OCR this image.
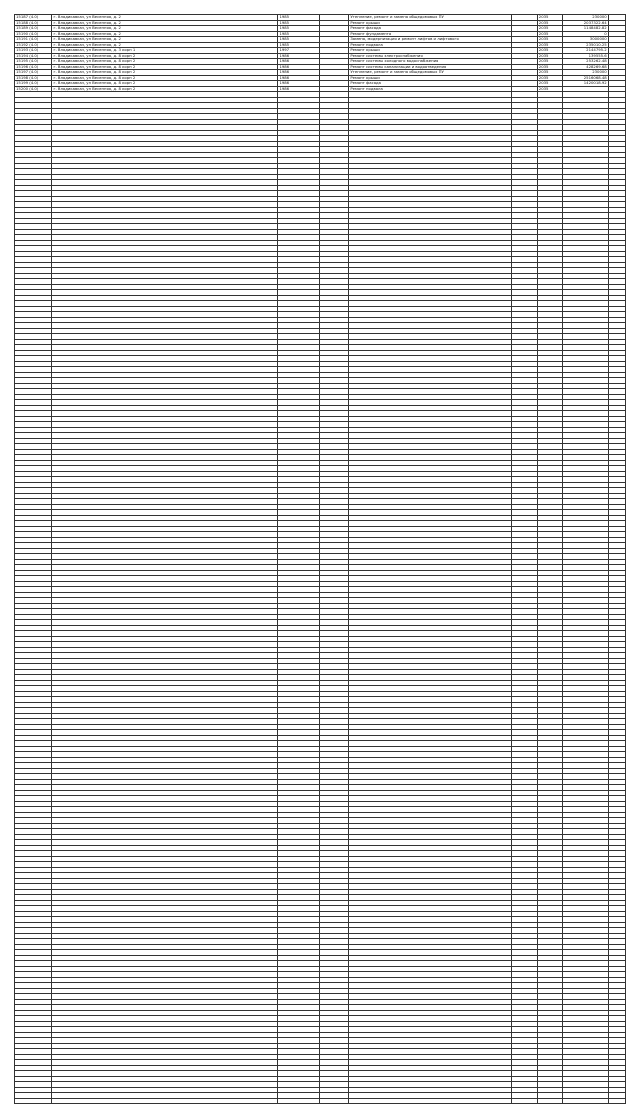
15187 (4.0)	г. Владикавказ, ул Весенняя, д. 2	1985		Утепление, ремонт и замена общедомовых ПУ		2035	230000	
15188 (4.0)	г. Владикавказ, ул Весенняя, д. 2	1985		Ремонт крыши		2035	2037322.64	
15189 (4.0)	г. Владикавказ, ул Весенняя, д. 2	1985		Ремонт фасада		2035	1148482.82	
15190 (4.0)	г. Владикавказ, ул Весенняя, д. 2	1985		Ремонт фундамента		2035	0	
15191 (4.0)	г. Владикавказ, ул Весенняя, д. 2	1985		Замена, модернизация и ремонт лифтов и лифтового		2035	3000000	
15192 (4.0)	г. Владикавказ, ул Весенняя, д. 2	1985		Ремонт подвала		2035	235010.25	
15193 (4.0)	г. Владикавказ, ул Весенняя, д. 3 корп 1	1997		Ремонт крыши		2035	2144795.2	
15194 (4.0)	г. Владикавказ, ул Весенняя, д. 8 корп 2	1986		Ремонт системы электроснабжения		2035	139555.6	
15195 (4.0)	г. Владикавказ, ул Весенняя, д. 8 корп 2	1986		Ремонт системы холодного водоснабжения		2035	253262.48	
15196 (4.0)	г. Владикавказ, ул Весенняя, д. 8 корп 2	1986		Ремонт системы канализации и водоотведения		2035	428269.68	
15197 (4.0)	г. Владикавказ, ул Весенняя, д. 8 корп 2	1986		Утепление, ремонт и замена общедомовых ПУ		2035	230000	
15198 (4.0)	г. Владикавказ, ул Весенняя, д. 8 корп 2	1986		Ремонт крыши		2035	2516068.48	
15199 (4.0)	г. Владикавказ, ул Весенняя, д. 8 корп 2	1986		Ремонт фасада		2035	1420018.92	
15200 (4.0)	г. Владикавказ, ул Весенняя, д. 8 корп 2	1986		Ремонт подвала		2035		
